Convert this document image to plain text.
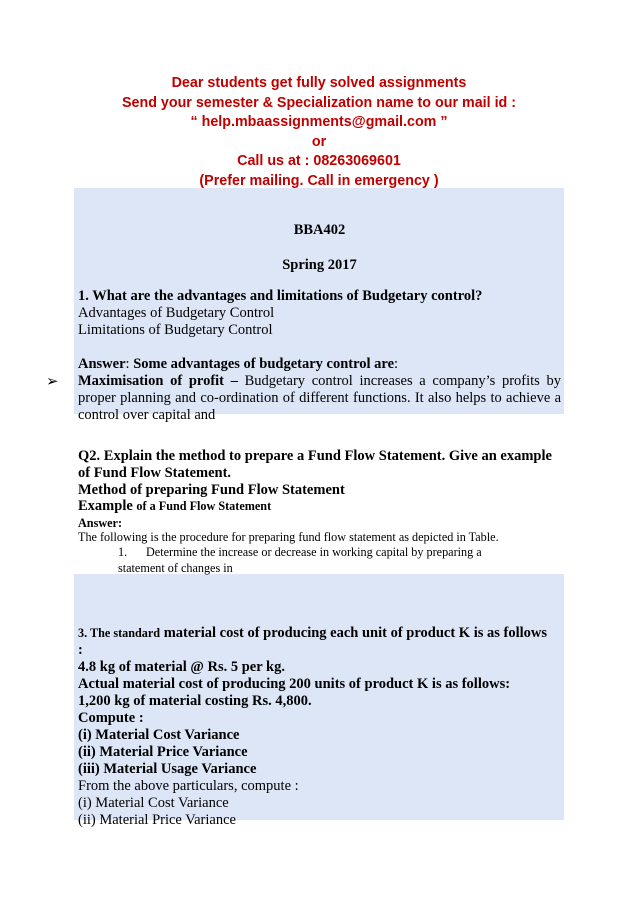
Dear students get fully solved assignments
Send your semester & Specialization name to our mail id :
“ help.mbaassignments@gmail.com ”
or
Call us at : 08263069601
(Prefer mailing. Call in emergency )
BBA402
Spring 2017
1. What are the advantages and limitations of Budgetary control?
Advantages of Budgetary Control
Limitations of Budgetary Control
Answer: Some advantages of budgetary control are:
➢ Maximisation of profit – Budgetary control increases a company’s profits by proper planning and co-ordination of different functions. It also helps to achieve a control over capital and
Q2. Explain the method to prepare a Fund Flow Statement. Give an example
of Fund Flow Statement.
Method of preparing Fund Flow Statement
Example of a Fund Flow Statement
Answer:
The following is the procedure for preparing fund flow statement as depicted in Table.
1. Determine the increase or decrease in working capital by preparing a
statement of changes in
3. The standard material cost of producing each unit of product K is as follows
:
4.8 kg of material @ Rs. 5 per kg.
Actual material cost of producing 200 units of product K is as follows:
1,200 kg of material costing Rs. 4,800.
Compute :
(i) Material Cost Variance
(ii) Material Price Variance
(iii) Material Usage Variance
From the above particulars, compute :
(i) Material Cost Variance
(ii) Material Price Variance
